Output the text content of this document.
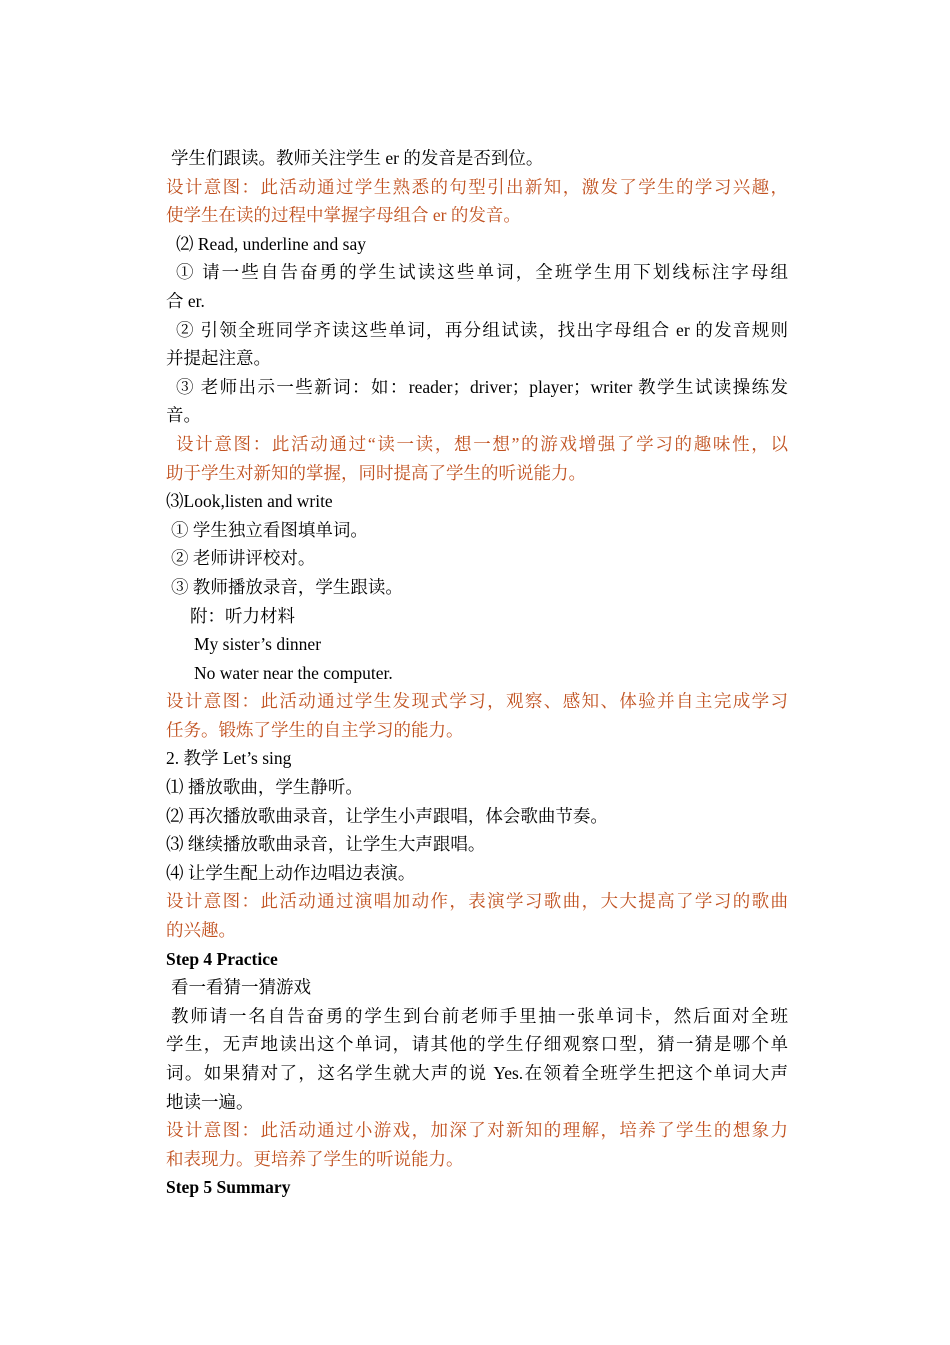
学生们跟读。教师关注学生 er 的发音是否到位。
设计意图：此活动通过学生熟悉的句型引出新知，激发了学生的学习兴趣，
使学生在读的过程中掌握字母组合 er 的发音。
⑵ Read, underline and say
① 请一些自告奋勇的学生试读这些单词，全班学生用下划线标注字母组
合 er.
② 引领全班同学齐读这些单词，再分组试读，找出字母组合 er 的发音规则
并提起注意。
③ 老师出示一些新词：如：reader；driver；player；writer 教学生试读操练发
音。
设计意图：此活动通过“读一读，想一想”的游戏增强了学习的趣味性，以
助于学生对新知的掌握，同时提高了学生的听说能力。
⑶Look,listen and write
① 学生独立看图填单词。
② 老师讲评校对。
③ 教师播放录音，学生跟读。
附：听力材料
My sister’s dinner
No water near the computer.
设计意图：此活动通过学生发现式学习，观察、感知、体验并自主完成学习
任务。锻炼了学生的自主学习的能力。
2. 教学 Let’s sing
⑴ 播放歌曲，学生静听。
⑵ 再次播放歌曲录音，让学生小声跟唱，体会歌曲节奏。
⑶ 继续播放歌曲录音，让学生大声跟唱。
⑷ 让学生配上动作边唱边表演。
设计意图：此活动通过演唱加动作，表演学习歌曲，大大提高了学习的歌曲
的兴趣。
Step 4 Practice
看一看猜一猜游戏
教师请一名自告奋勇的学生到台前老师手里抽一张单词卡，然后面对全班
学生，无声地读出这个单词，请其他的学生仔细观察口型，猜一猜是哪个单
词。如果猜对了，这名学生就大声的说 Yes.在领着全班学生把这个单词大声
地读一遍。
设计意图：此活动通过小游戏，加深了对新知的理解，培养了学生的想象力
和表现力。更培养了学生的听说能力。
Step 5 Summary
